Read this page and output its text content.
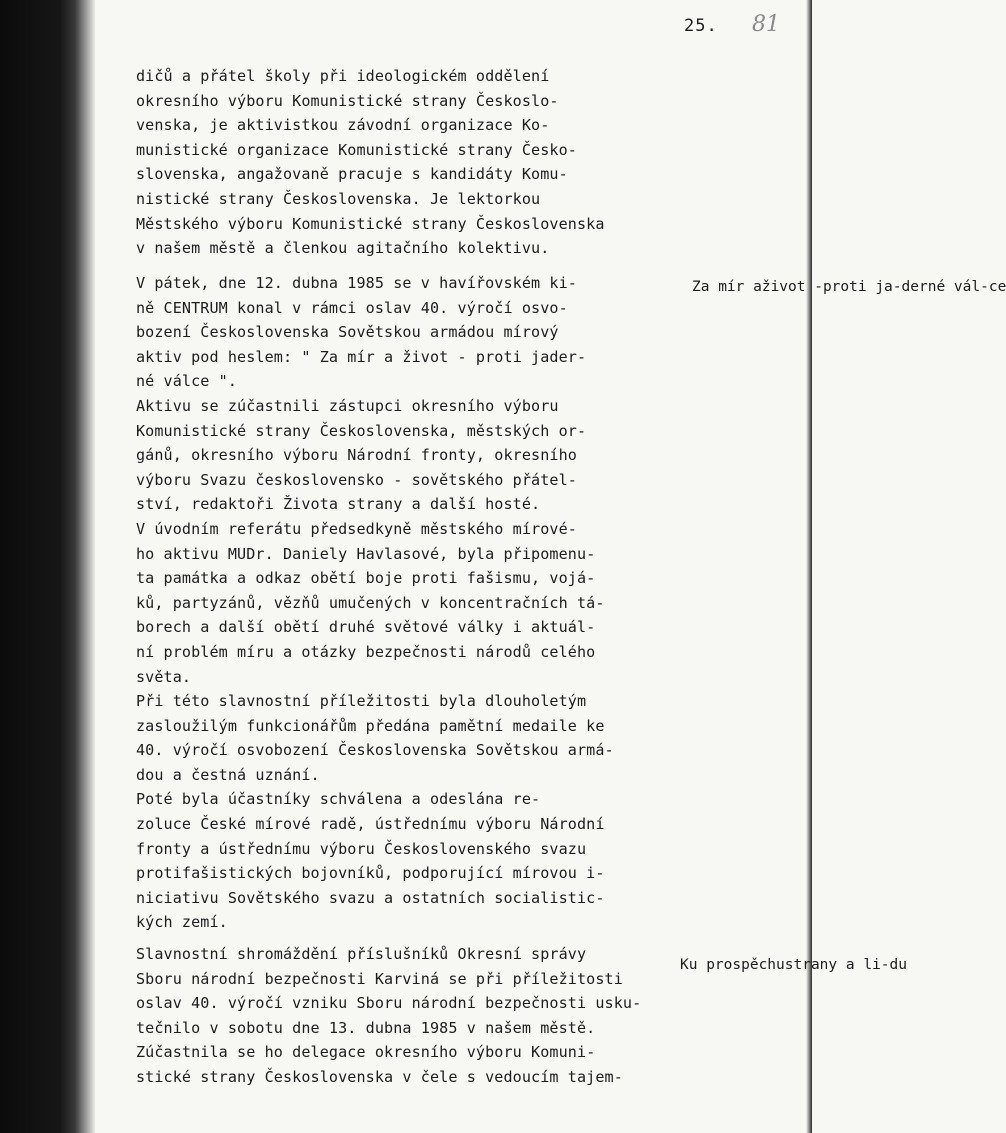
25. 81
dičů a přátel školy při ideologickém oddělení
okresního výboru Komunistické strany Českoslo-
venska, je aktivistkou závodní organizace Ko-
munistické organizace Komunistické strany Česko-
slovenska, angažovaně pracuje s kandidáty Komu-
nistické strany Československa. Je lektorkou
Městského výboru Komunistické strany Československa
v našem městě a členkou agitačního kolektivu.
V pátek, dne 12. dubna 1985 se v havířovském ki-
ně CENTRUM konal v rámci oslav 40. výročí osvo-
bození Československa Sovětskou armádou mírový
aktiv pod heslem: " Za mír a život - proti jader-
né válce ".
Aktivu se zúčastnili zástupci okresního výboru
Komunistické strany Československa, městských or-
gánů, okresního výboru Národní fronty, okresního
výboru Svazu československo - sovětského přátel-
ství, redaktoři Života strany a další hosté.
V úvodním referátu předsedkyně městského mírové-
ho aktivu MUDr. Daniely Havlasové, byla připomenu-
ta památka a odkaz obětí boje proti fašismu, vojá-
ků, partyzánů, vězňů umučených v koncentračních tá-
borech a další obětí druhé světové války i aktuál-
ní problém míru a otázky bezpečnosti národů celého
světa.
Při této slavnostní příležitosti byla dlouholetým
zasloužilým funkcionářům předána pamětní medaile ke
40. výročí osvobození Československa Sovětskou armá-
dou a čestná uznání.
Poté byla účastníky schválena a odeslána re-
zoluce České mírové radě, ústřednímu výboru Národní
fronty a ústřednímu výboru Československého svazu
protifašistických bojovníků, podporující mírovou i-
niciativu Sovětského svazu a ostatních socialistic-
kých zemí.
Slavnostní shromáždění příslušníků Okresní správy
Sboru národní bezpečnosti Karviná se při příležitosti
oslav 40. výročí vzniku Sboru národní bezpečnosti usku-
tečnilo v sobotu dne 13. dubna 1985 v našem městě.
Zúčastnila se ho delegace okresního výboru Komuni-
stické strany Československa v čele s vedoucím tajem-
Za mír aživot -proti ja-derné vál-ce
Ku prospěchustrany a li-du
